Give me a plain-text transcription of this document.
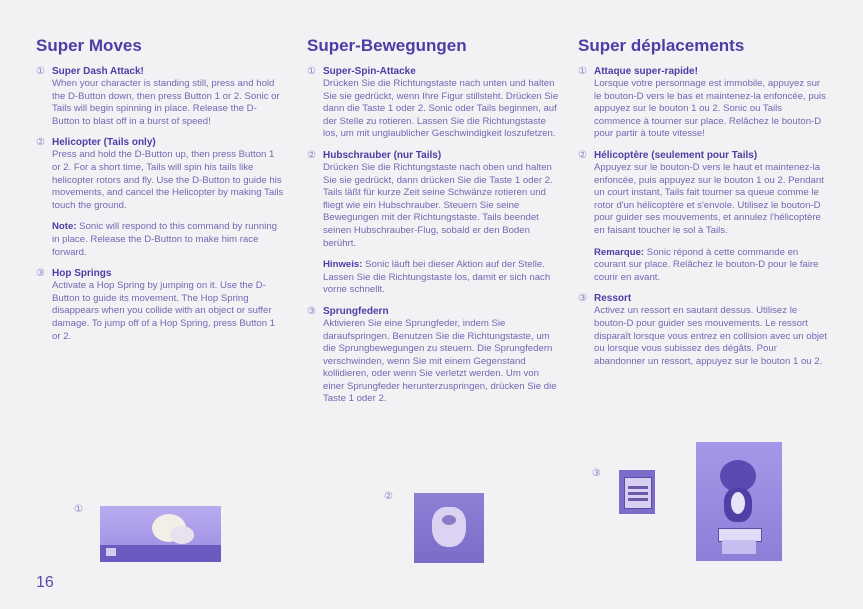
Super Moves
① Super Dash Attack!

When your character is standing still, press and hold the D-Button down, then press Button 1 or 2. Sonic or Tails will begin spinning in place. Release the D-Button to blast off in a burst of speed!

② Helicopter (Tails only)

Press and hold the D-Button up, then press Button 1 or 2. For a short time, Tails will spin his tails like helicopter rotors and fly. Use the D-Button to guide his movements, and cancel the Helicopter by making Tails touch the ground.

Note: Sonic will respond to this command by running in place. Release the D-Button to make him race forward.

③ Hop Springs

Activate a Hop Spring by jumping on it. Use the D-Button to guide its movement. The Hop Spring disappears when you collide with an object or suffer damage. To jump off of a Hop Spring, press Button 1 or 2.

Super-Bewegungen
① Super-Spin-Attacke

Drücken Sie die Richtungstaste nach unten und halten Sie sie gedrückt, wenn Ihre Figur stillsteht. Drücken Sie dann die Taste 1 oder 2. Sonic oder Tails beginnen, auf der Stelle zu rotieren. Lassen Sie die Richtungstaste los, um mit unglaublicher Geschwindigkeit loszufetzen.

② Hubschrauber (nur Tails)

Drücken Sie die Richtungstaste nach oben und halten Sie sie gedrückt, dann drücken Sie die Taste 1 oder 2. Tails läßt für kurze Zeit seine Schwänze rotieren und fliegt wie ein Hubschrauber. Steuern Sie seine Bewegungen mit der Richtungstaste. Tails beendet seinen Hubschrauber-Flug, sobald er den Boden berührt.

Hinweis: Sonic läuft bei dieser Aktion auf der Stelle. Lassen Sie die Richtungstaste los, damit er sich nach vorne schnellt.

③ Sprungfedern

Aktivieren Sie eine Sprungfeder, indem Sie daraufspringen. Benutzen Sie die Richtungstaste, um die Sprungbewegungen zu steuern. Die Sprungfedern verschwinden, wenn Sie mit einem Gegenstand kollidieren, oder wenn Sie verletzt werden. Um von einer Sprungfeder herunterzuspringen, drücken Sie die Taste 1 oder 2.

Super déplacements
① Attaque super-rapide!

Lorsque votre personnage est immobile, appuyez sur le bouton-D vers le bas et maintenez-la enfoncée, puis appuyez sur le bouton 1 ou 2. Sonic ou Tails commence à tourner sur place. Relâchez le bouton-D pour partir à toute vitesse!

② Hélicoptère (seulement pour Tails)

Appuyez sur le bouton-D vers le haut et maintenez-la enfoncée, puis appuyez sur le bouton 1 ou 2. Pendant un court instant, Tails fait tourner sa queue comme le rotor d'un hélicoptère et s'envole. Utilisez le bouton-D pour guider ses mouvements, et annulez l'hélicoptère en faisant toucher le sol à Tails.

Remarque: Sonic répond à cette commande en courant sur place. Relâchez le bouton-D pour le faire courir en avant.

③ Ressort

Activez un ressort en sautant dessus. Utilisez le bouton-D pour guider ses mouvements. Le ressort disparaît lorsque vous entrez en collision avec un objet ou lorsque vous subissez des dégâts. Pour abandonner un ressort, appuyez sur le bouton 1 ou 2.

①
②
③
16
